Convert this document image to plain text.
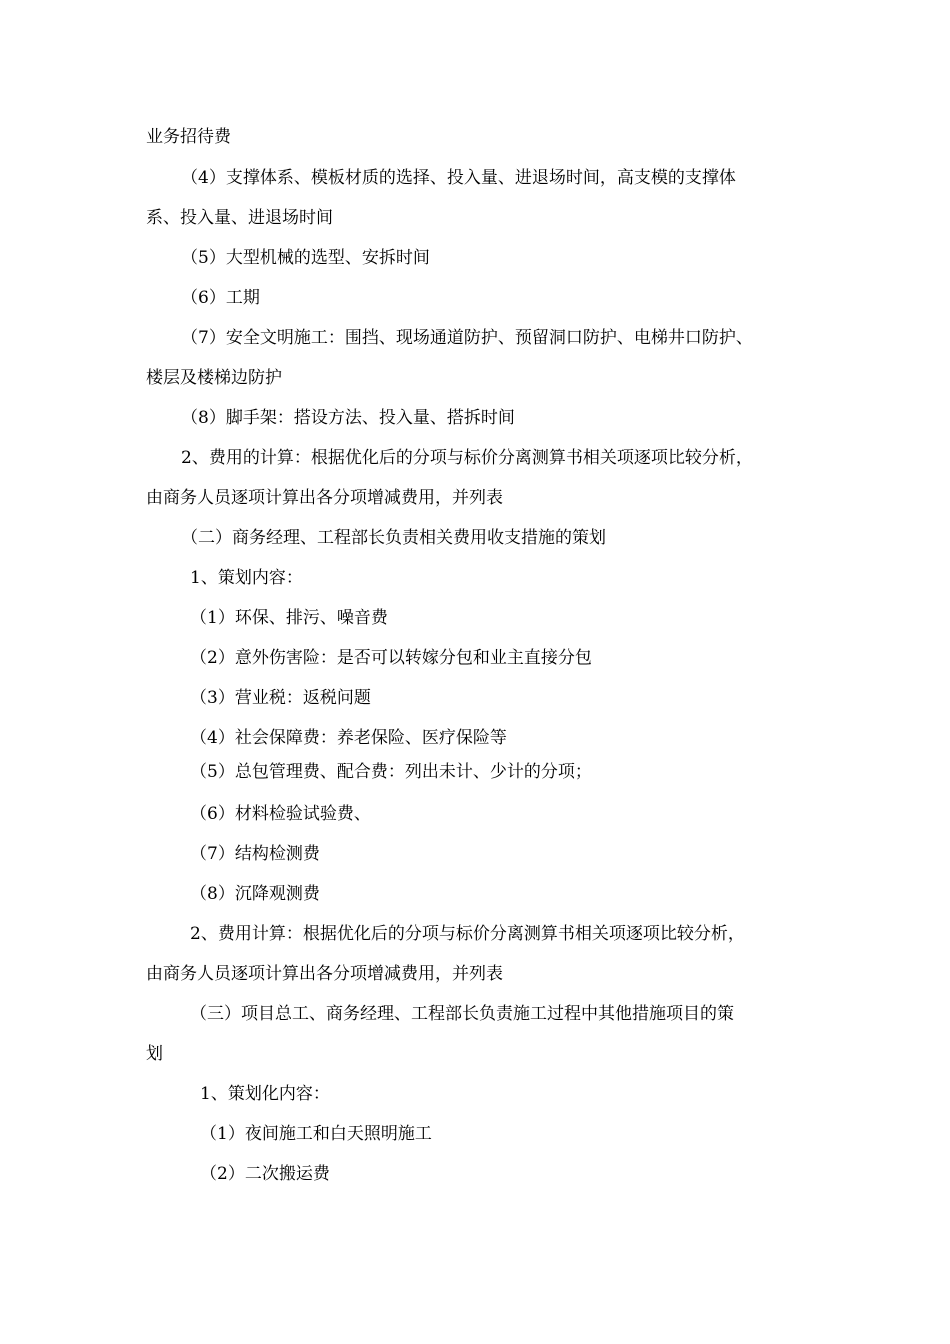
业务招待费
（4）支撑体系、模板材质的选择、投入量、进退场时间，高支模的支撑体
系、投入量、进退场时间
（5）大型机械的选型、安拆时间
（6）工期
（7）安全文明施工：围挡、现场通道防护、预留洞口防护、电梯井口防护、
楼层及楼梯边防护
（8）脚手架：搭设方法、投入量、搭拆时间
2、费用的计算：根据优化后的分项与标价分离测算书相关项逐项比较分析，
由商务人员逐项计算出各分项增减费用，并列表
（二）商务经理、工程部长负责相关费用收支措施的策划
1、策划内容：
（1）环保、排污、噪音费
（2）意外伤害险：是否可以转嫁分包和业主直接分包
（3）营业税：返税问题
（4）社会保障费：养老保险、医疗保险等
（5）总包管理费、配合费：列出未计、少计的分项；
（6）材料检验试验费、
（7）结构检测费
（8）沉降观测费
2、费用计算：根据优化后的分项与标价分离测算书相关项逐项比较分析，
由商务人员逐项计算出各分项增减费用，并列表
（三）项目总工、商务经理、工程部长负责施工过程中其他措施项目的策
划
1、策划化内容：
（1）夜间施工和白天照明施工
（2）二次搬运费
